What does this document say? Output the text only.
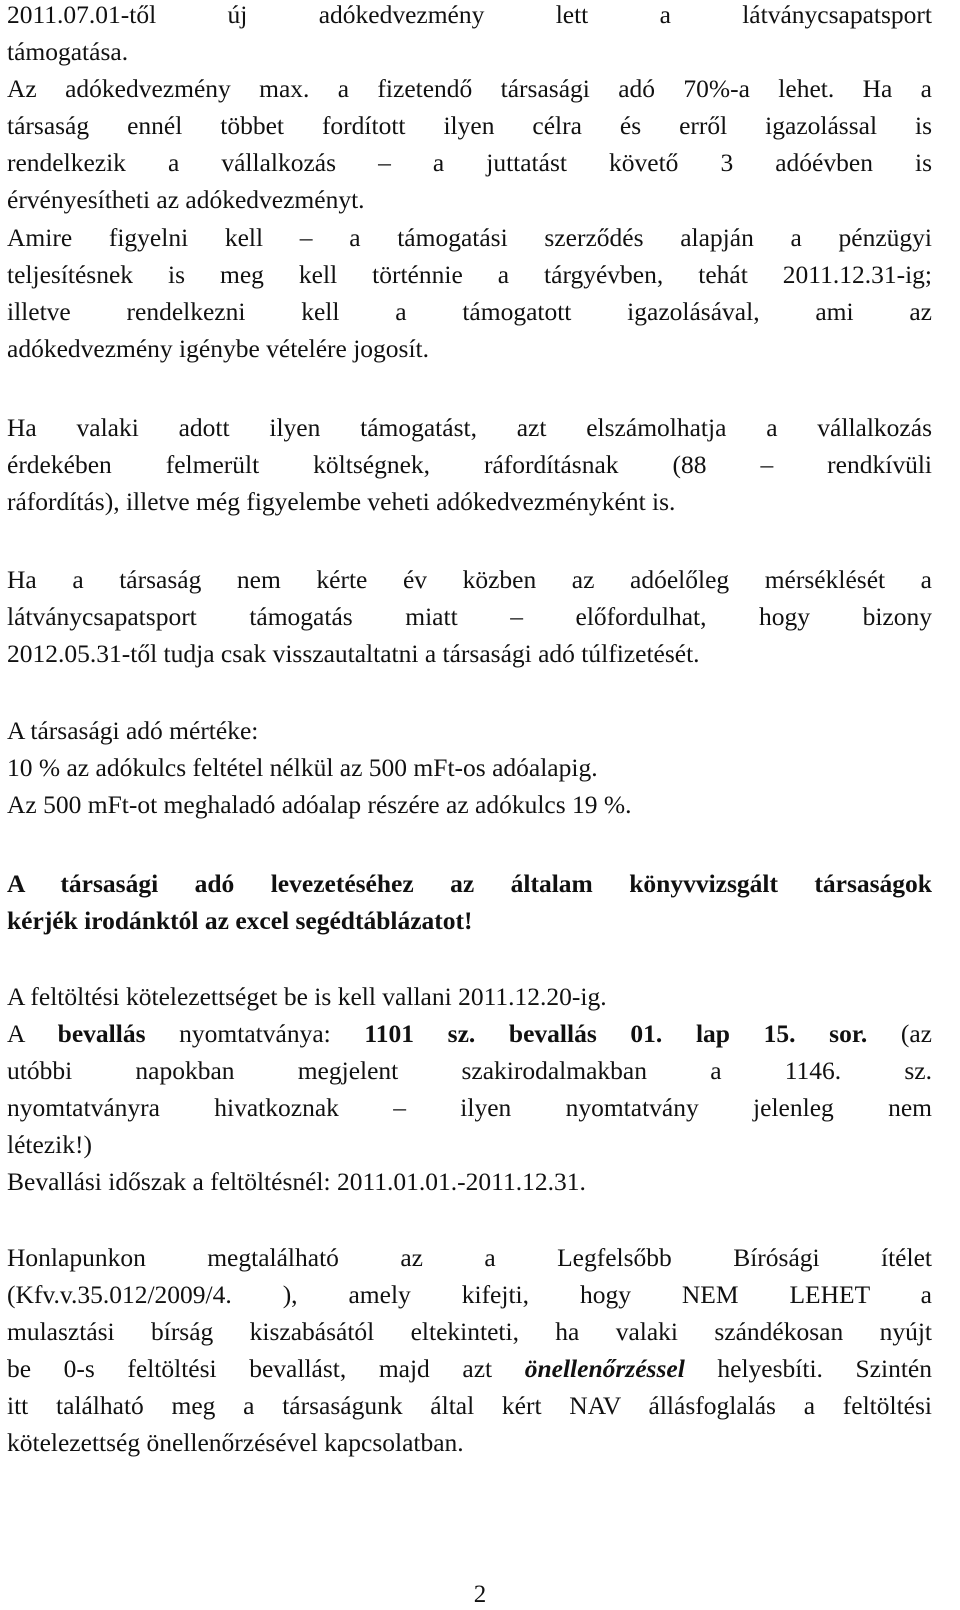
2011.07.01-től új adókedvezmény lett a látványcsapatsport
támogatása.
Az adókedvezmény max. a fizetendő társasági adó 70%-a lehet. Ha a
társaság ennél többet fordított ilyen célra és erről igazolással is
rendelkezik a vállalkozás – a juttatást követő 3 adóévben is
érvényesítheti az adókedvezményt.
Amire figyelni kell – a támogatási szerződés alapján a pénzügyi
teljesítésnek is meg kell történnie a tárgyévben, tehát 2011.12.31-ig;
illetve rendelkezni kell a támogatott igazolásával, ami az
adókedvezmény igénybe vételére jogosít.
Ha valaki adott ilyen támogatást, azt elszámolhatja a vállalkozás
érdekében felmerült költségnek, ráfordításnak (88 – rendkívüli
ráfordítás), illetve még figyelembe veheti adókedvezményként is.
Ha a társaság nem kérte év közben az adóelőleg mérséklését a
látványcsapatsport támogatás miatt – előfordulhat, hogy bizony
2012.05.31-től tudja csak visszautaltatni a társasági adó túlfizetését.
A társasági adó mértéke:
10 % az adókulcs feltétel nélkül az 500 mFt-os adóalapig.
Az 500 mFt-ot meghaladó adóalap részére az adókulcs 19 %.
A társasági adó levezetéséhez az általam könyvvizsgált társaságok
kérjék irodánktól az excel segédtáblázatot!
A feltöltési kötelezettséget be is kell vallani 2011.12.20-ig.
A bevallás nyomtatványa: 1101 sz. bevallás 01. lap 15. sor. (az
utóbbi napokban megjelent szakirodalmakban a 1146. sz.
nyomtatványra hivatkoznak – ilyen nyomtatvány jelenleg nem
létezik!)
Bevallási időszak a feltöltésnél: 2011.01.01.-2011.12.31.
Honlapunkon megtalálható az a Legfelsőbb Bírósági ítélet
(Kfv.v.35.012/2009/4. ), amely kifejti, hogy NEM LEHET a
mulasztási bírság kiszabásától eltekinteti, ha valaki szándékosan nyújt
be 0-s feltöltési bevallást, majd azt önellenőrzéssel helyesbíti. Szintén
itt található meg a társaságunk által kért NAV állásfoglalás a feltöltési
kötelezettség önellenőrzésével kapcsolatban.
2
